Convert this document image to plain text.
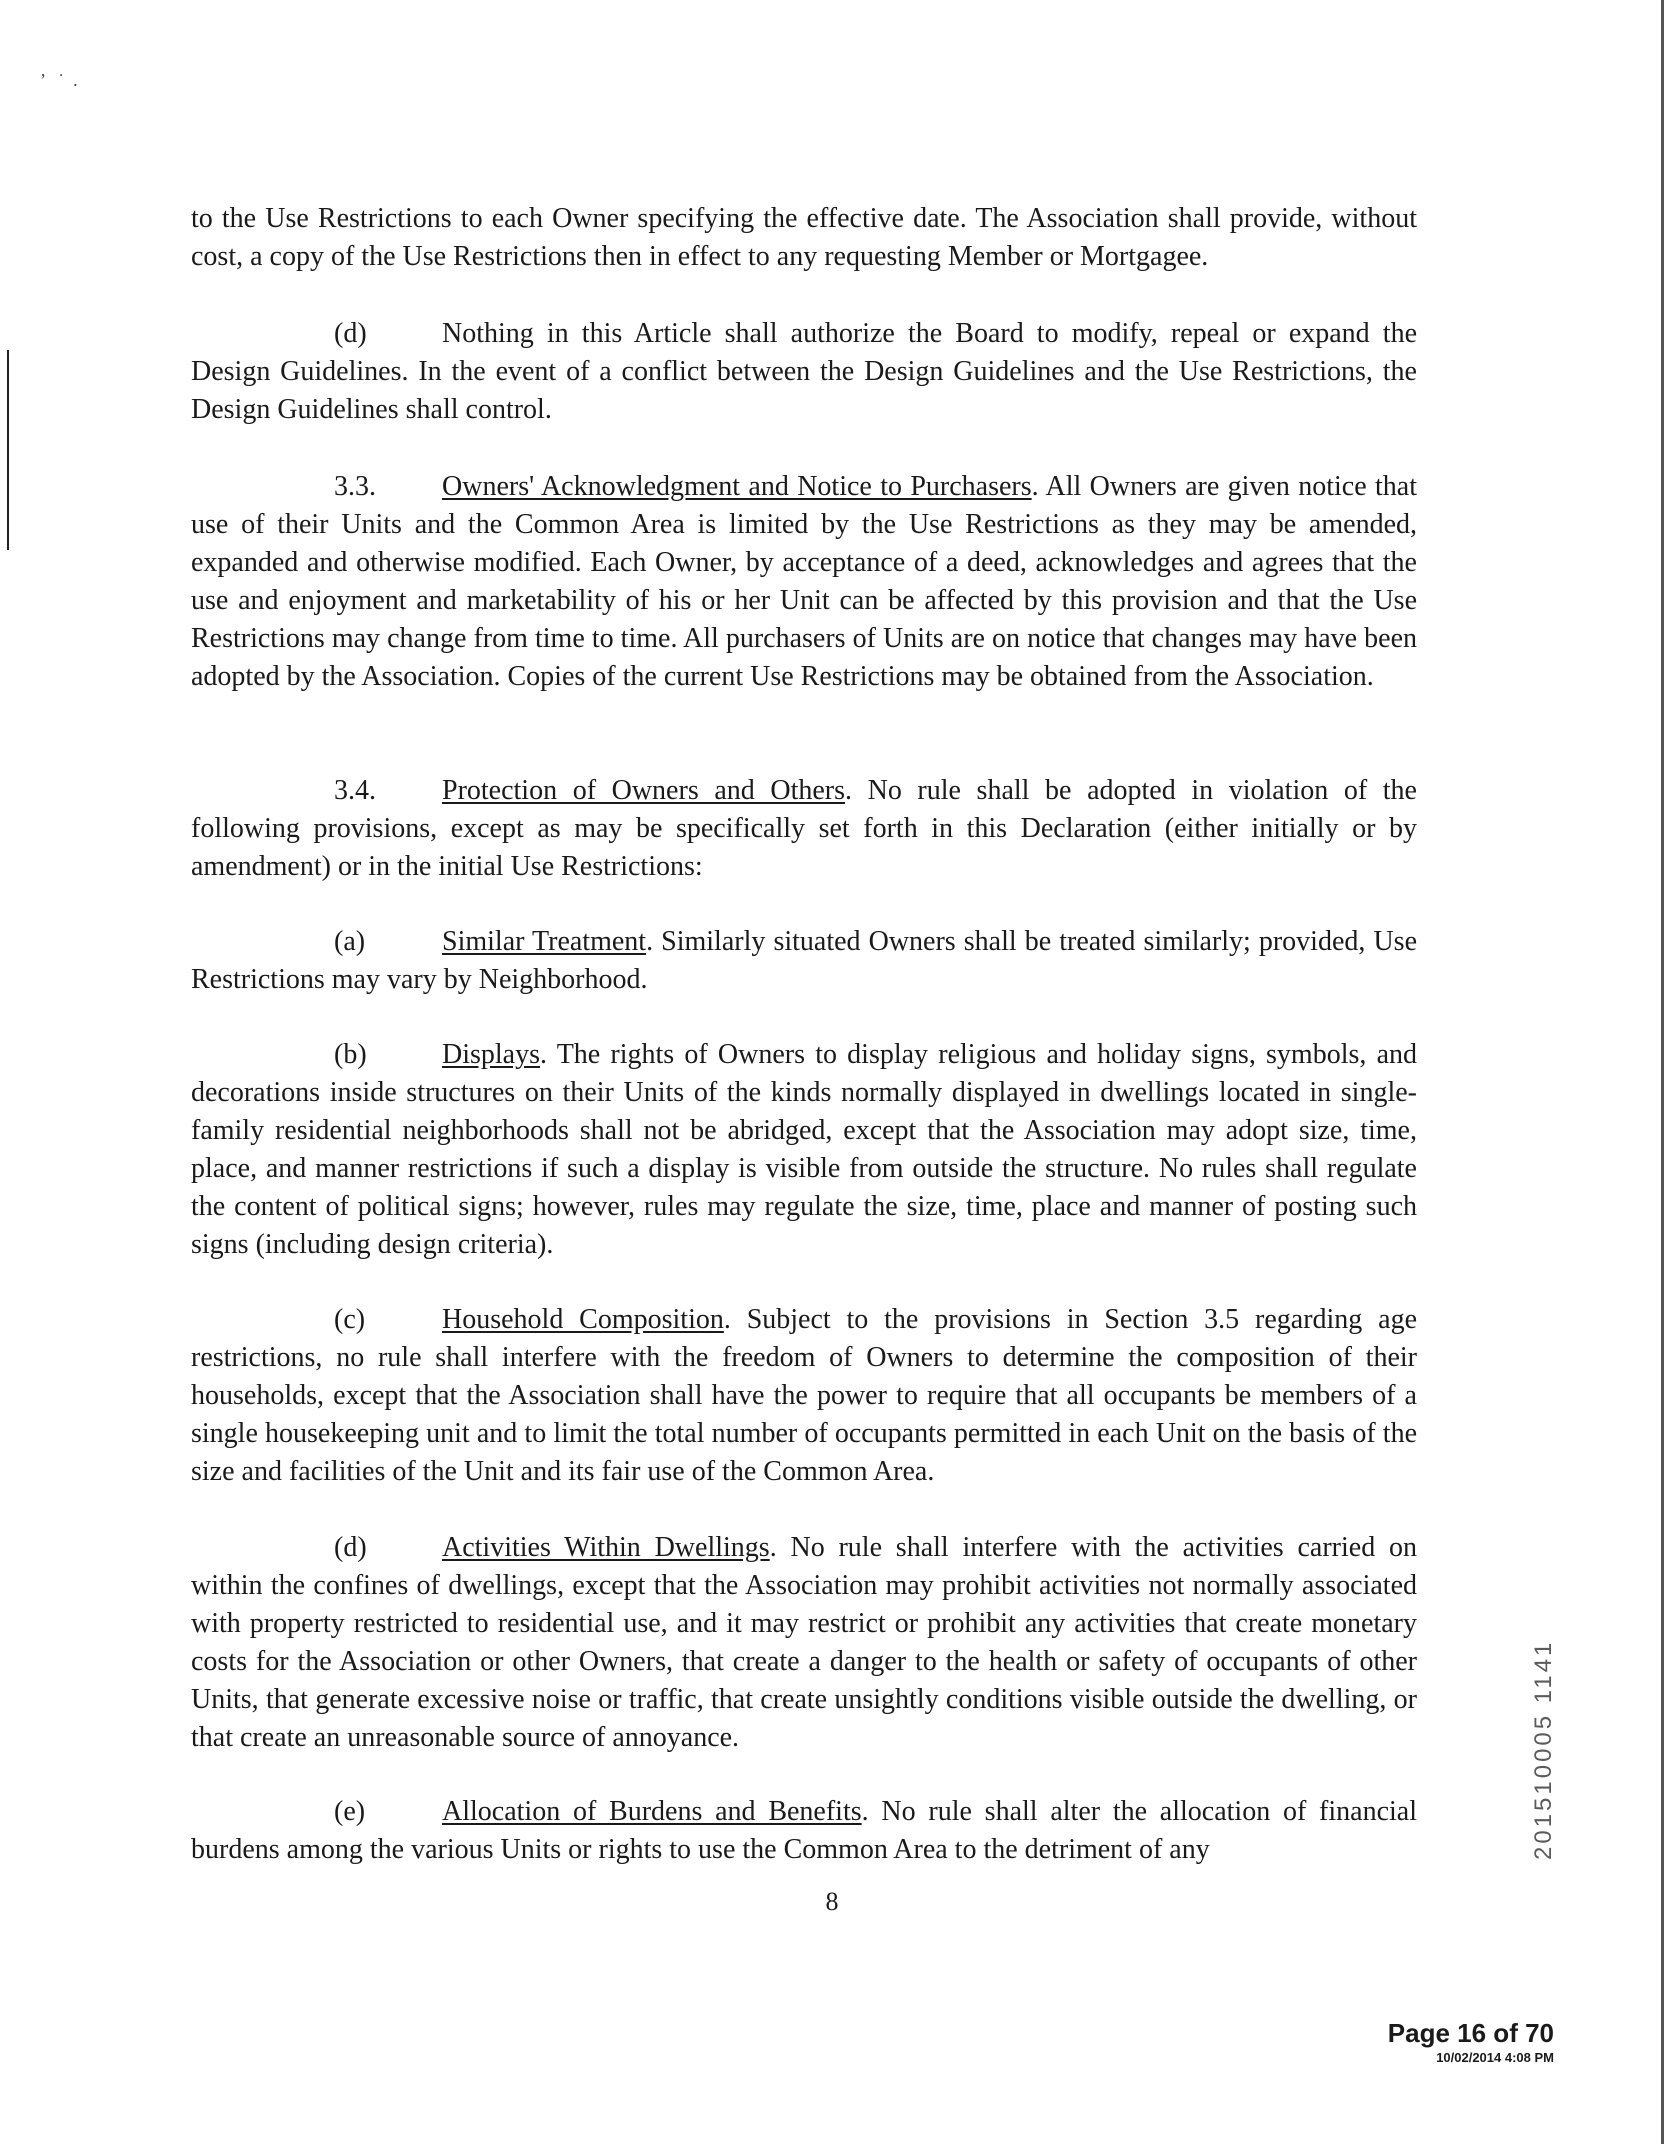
’   ˙  .

to the Use Restrictions to each Owner specifying the effective date. The Association shall provide, without cost, a copy of the Use Restrictions then in effect to any requesting Member or Mortgagee.

(d)	Nothing in this Article shall authorize the Board to modify, repeal or expand the Design Guidelines. In the event of a conflict between the Design Guidelines and the Use Restrictions, the Design Guidelines shall control.

3.3. Owners' Acknowledgment and Notice to Purchasers. All Owners are given notice that use of their Units and the Common Area is limited by the Use Restrictions as they may be amended, expanded and otherwise modified. Each Owner, by acceptance of a deed, acknowledges and agrees that the use and enjoyment and marketability of his or her Unit can be affected by this provision and that the Use Restrictions may change from time to time. All purchasers of Units are on notice that changes may have been adopted by the Association. Copies of the current Use Restrictions may be obtained from the Association.

3.4. Protection of Owners and Others. No rule shall be adopted in violation of the following provisions, except as may be specifically set forth in this Declaration (either initially or by amendment) or in the initial Use Restrictions:

(a)	Similar Treatment. Similarly situated Owners shall be treated similarly; provided, Use Restrictions may vary by Neighborhood.

(b)	Displays. The rights of Owners to display religious and holiday signs, symbols, and decorations inside structures on their Units of the kinds normally displayed in dwellings located in single-family residential neighborhoods shall not be abridged, except that the Association may adopt size, time, place, and manner restrictions if such a display is visible from outside the structure. No rules shall regulate the content of political signs; however, rules may regulate the size, time, place and manner of posting such signs (including design criteria).

(c)	Household Composition. Subject to the provisions in Section 3.5 regarding age restrictions, no rule shall interfere with the freedom of Owners to determine the composition of their households, except that the Association shall have the power to require that all occupants be members of a single housekeeping unit and to limit the total number of occupants permitted in each Unit on the basis of the size and facilities of the Unit and its fair use of the Common Area.

(d)	Activities Within Dwellings. No rule shall interfere with the activities carried on within the confines of dwellings, except that the Association may prohibit activities not normally associated with property restricted to residential use, and it may restrict or prohibit any activities that create monetary costs for the Association or other Owners, that create a danger to the health or safety of occupants of other Units, that generate excessive noise or traffic, that create unsightly conditions visible outside the dwelling, or that create an unreasonable source of annoyance.

(e)	Allocation of Burdens and Benefits. No rule shall alter the allocation of financial burdens among the various Units or rights to use the Common Area to the detriment of any

8
201510005 1141
Page 16 of 70
10/02/2014 4:08 PM
